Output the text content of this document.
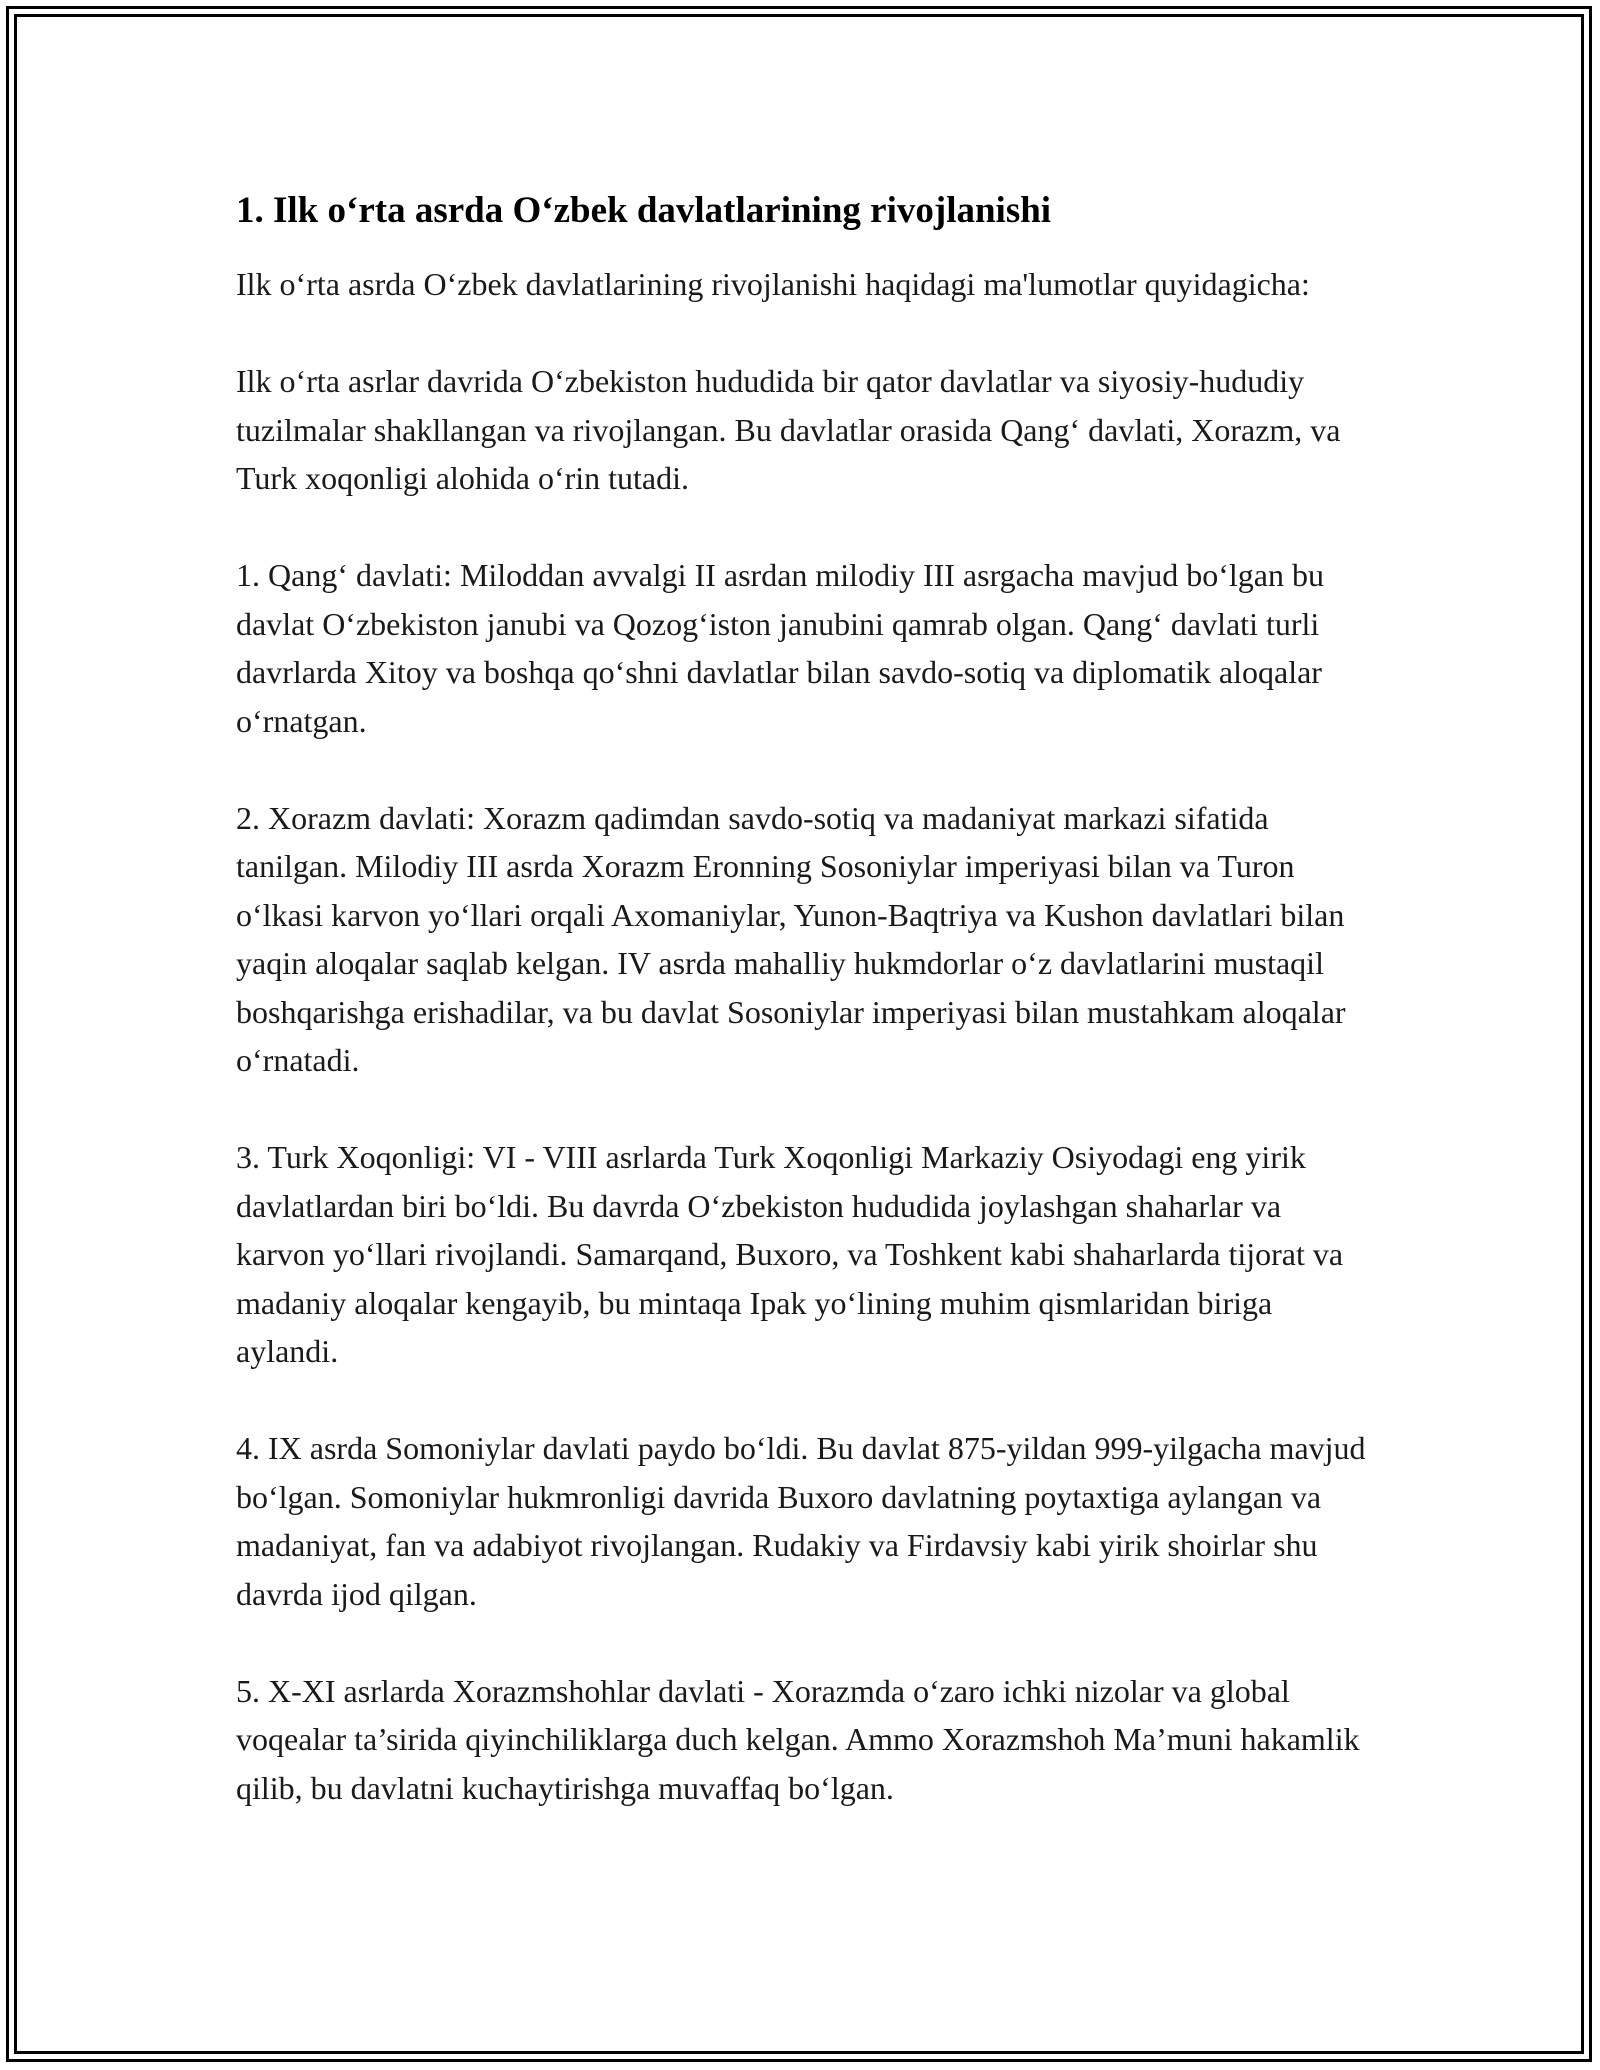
1. Ilk o‘rta asrda O‘zbek davlatlarining rivojlanishi

Ilk o‘rta asrda O‘zbek davlatlarining rivojlanishi haqidagi ma'lumotlar quyidagicha:

Ilk o‘rta asrlar davrida O‘zbekiston hududida bir qator davlatlar va siyosiy-hududiy tuzilmalar shakllangan va rivojlangan. Bu davlatlar orasida Qang‘ davlati, Xorazm, va Turk xoqonligi alohida o‘rin tutadi.

1. Qang‘ davlati: Miloddan avvalgi II asrdan milodiy III asrgacha mavjud bo‘lgan bu davlat O‘zbekiston janubi va Qozog‘iston janubini qamrab olgan. Qang‘ davlati turli davrlarda Xitoy va boshqa qo‘shni davlatlar bilan savdo-sotiq va diplomatik aloqalar o‘rnatgan.

2. Xorazm davlati: Xorazm qadimdan savdo-sotiq va madaniyat markazi sifatida tanilgan. Milodiy III asrda Xorazm Eronning Sosoniylar imperiyasi bilan va Turon o‘lkasi karvon yo‘llari orqali Axomaniylar, Yunon-Baqtriya va Kushon davlatlari bilan yaqin aloqalar saqlab kelgan. IV asrda mahalliy hukmdorlar o‘z davlatlarini mustaqil boshqarishga erishadilar, va bu davlat Sosoniylar imperiyasi bilan mustahkam aloqalar o‘rnatadi.

3. Turk Xoqonligi: VI - VIII asrlarda Turk Xoqonligi Markaziy Osiyodagi eng yirik davlatlardan biri bo‘ldi. Bu davrda O‘zbekiston hududida joylashgan shaharlar va karvon yo‘llari rivojlandi. Samarqand, Buxoro, va Toshkent kabi shaharlarda tijorat va madaniy aloqalar kengayib, bu mintaqa Ipak yo‘lining muhim qismlaridan biriga aylandi.

4. IX asrda Somoniylar davlati paydo bo‘ldi. Bu davlat 875-yildan 999-yilgacha mavjud bo‘lgan. Somoniylar hukmronligi davrida Buxoro davlatning poytaxtiga aylangan va madaniyat, fan va adabiyot rivojlangan. Rudakiy va Firdavsiy kabi yirik shoirlar shu davrda ijod qilgan.

5. X-XI asrlarda Xorazmshohlar davlati - Xorazmda o‘zaro ichki nizolar va global voqealar ta’sirida qiyinchiliklarga duch kelgan. Ammo Xorazmshoh Ma’muni hakamlik qilib, bu davlatni kuchaytirishga muvaffaq bo‘lgan.
